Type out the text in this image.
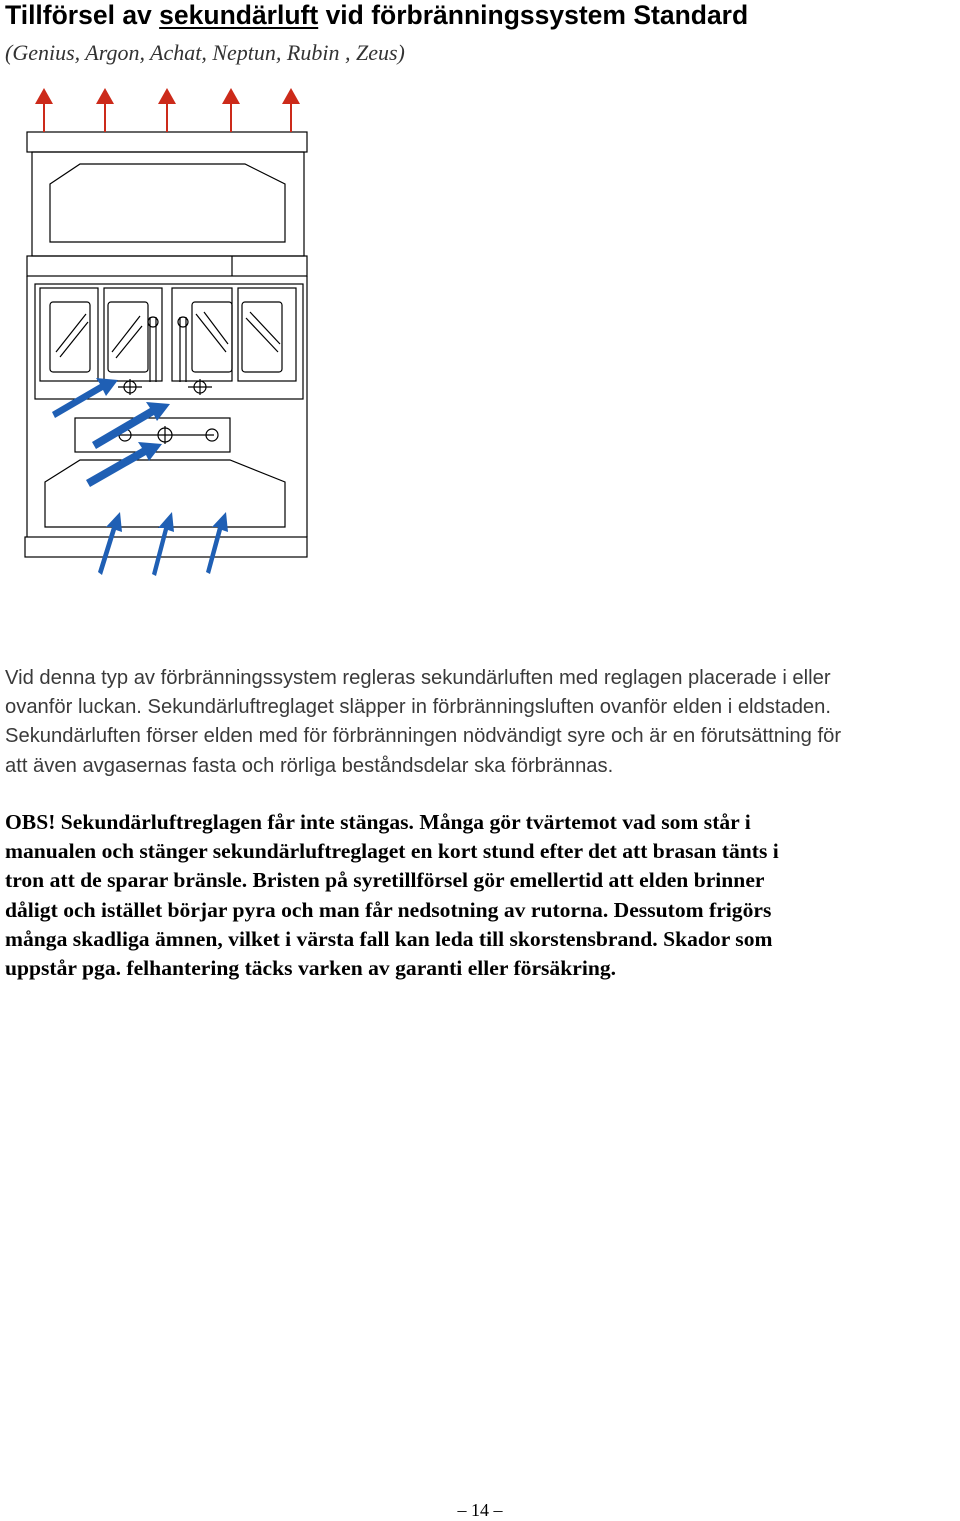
Tillförsel av sekundärluft vid förbränningssystem Standard

(Genius, Argon, Achat, Neptun, Rubin , Zeus)

Vid denna typ av förbränningssystem regleras sekundärluften med reglagen placerade i eller
ovanför luckan. Sekundärluftreglaget släpper in förbränningsluften ovanför elden i eldstaden.
Sekundärluften förser elden med för förbränningen nödvändigt syre och är en förutsättning för
att även avgasernas fasta och rörliga beståndsdelar ska förbrännas.

OBS! Sekundärluftreglagen får inte stängas. Många gör tvärtemot vad som står i
manualen och stänger sekundärluftreglaget en kort stund efter det att brasan tänts i
tron att de sparar bränsle. Bristen på syretillförsel gör emellertid att elden brinner
dåligt och istället börjar pyra och man får nedsotning av rutorna. Dessutom frigörs
många skadliga ämnen, vilket i värsta fall kan leda till skorstensbrand. Skador som
uppstår pga. felhantering täcks varken av garanti eller försäkring.

– 14 –
